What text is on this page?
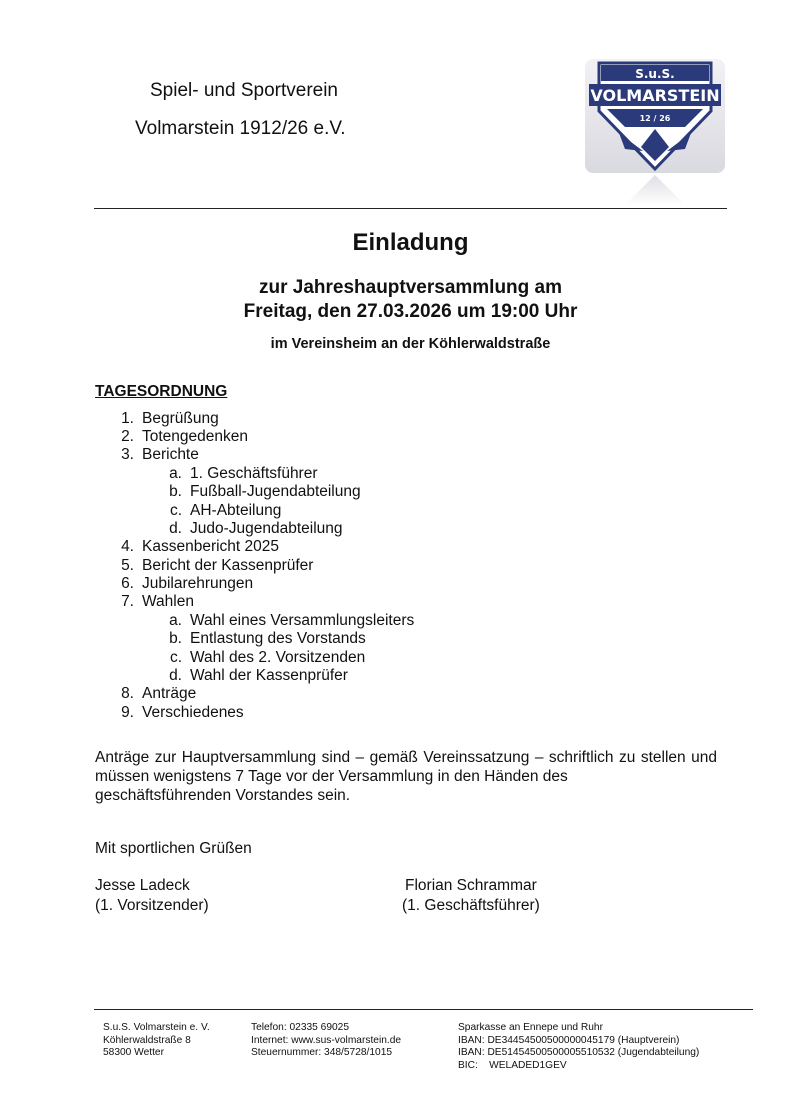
Spiel- und Sportverein
Volmarstein 1912/26 e.V.
S.u.S.
VOLMARSTEIN
12 / 26
Einladung
zur Jahreshauptversammlung am
Freitag, den 27.03.2026 um 19:00 Uhr
im Vereinsheim an der Köhlerwaldstraße
TAGESORDNUNG
1. Begrüßung
2. Totengedenken
3. Berichte
a. 1. Geschäftsführer
b. Fußball-Jugendabteilung
c. AH-Abteilung
d. Judo-Jugendabteilung
4. Kassenbericht 2025
5. Bericht der Kassenprüfer
6. Jubilarehrungen
7. Wahlen
a. Wahl eines Versammlungsleiters
b. Entlastung des Vorstands
c. Wahl des 2. Vorsitzenden
d. Wahl der Kassenprüfer
8. Anträge
9. Verschiedenes
Anträge zur Hauptversammlung sind – gemäß Vereinssatzung – schriftlich zu stellen und müssen wenigstens 7 Tage vor der Versammlung in den Händen des
geschäftsführenden Vorstandes sein.
Mit sportlichen Grüßen
Jesse Ladeck
(1. Vorsitzender)
Florian Schrammar
(1. Geschäftsführer)
S.u.S. Volmarstein e. V.
Köhlerwaldstraße 8
58300 Wetter
Telefon: 02335 69025
Internet: www.sus-volmarstein.de
Steuernummer: 348/5728/1015
Sparkasse an Ennepe und Ruhr
IBAN: DE34454500500000045179 (Hauptverein)
IBAN: DE51454500500005510532 (Jugendabteilung)
BIC:    WELADED1GEV
